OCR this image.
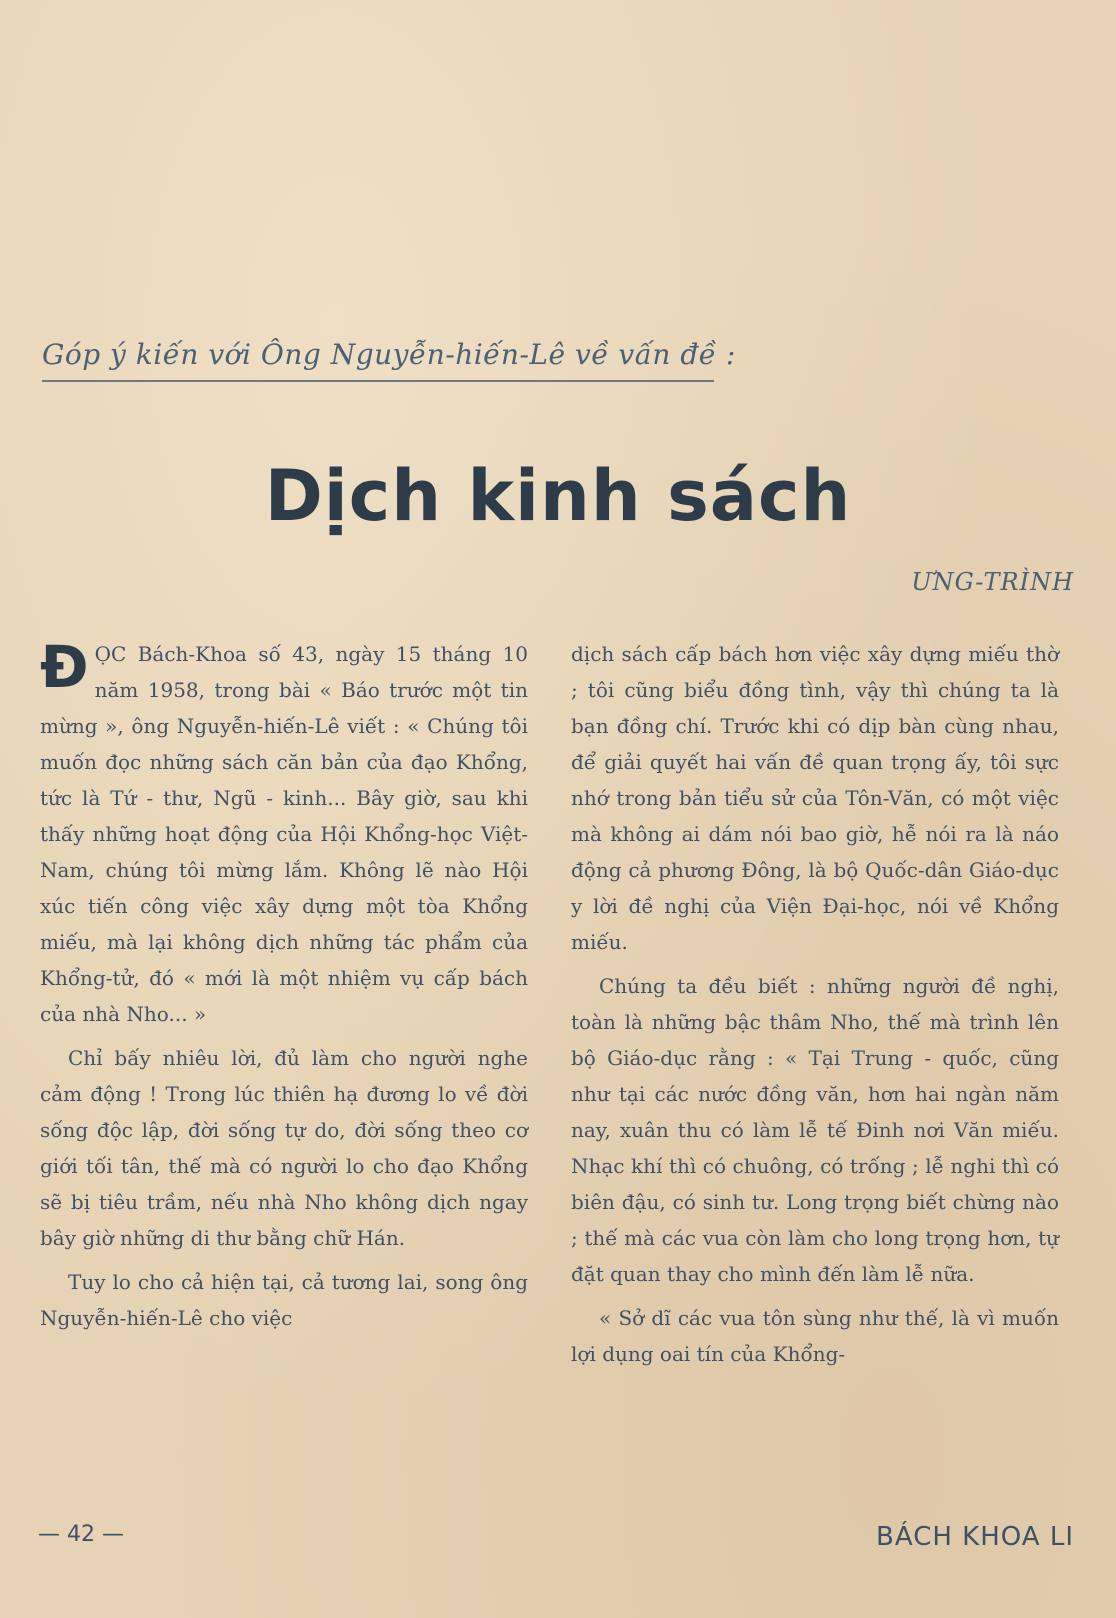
Góp ý kiến với Ông Nguyễn-hiến-Lê về vấn đề :
Dịch kinh sách
ƯNG-TRÌNH

ĐỌC Bách-Khoa số 43, ngày 15 tháng 10 năm 1958, trong bài « Báo trước một tin mừng », ông Nguyễn-hiến-Lê viết : « Chúng tôi muốn đọc những sách căn bản của đạo Khổng, tức là Tứ - thư, Ngũ - kinh... Bây giờ, sau khi thấy những hoạt động của Hội Khổng-học Việt-Nam, chúng tôi mừng lắm. Không lẽ nào Hội xúc tiến công việc xây dựng một tòa Khổng miếu, mà lại không dịch những tác phẩm của Khổng-tử, đó « mới là một nhiệm vụ cấp bách của nhà Nho... »

Chỉ bấy nhiêu lời, đủ làm cho người nghe cảm động ! Trong lúc thiên hạ đương lo về đời sống độc lập, đời sống tự do, đời sống theo cơ giới tối tân, thế mà có người lo cho đạo Khổng sẽ bị tiêu trầm, nếu nhà Nho không dịch ngay bây giờ những di thư bằng chữ Hán.

Tuy lo cho cả hiện tại, cả tương lai, song ông Nguyễn-hiến-Lê cho việc

dịch sách cấp bách hơn việc xây dựng miếu thờ ; tôi cũng biểu đồng tình, vậy thì chúng ta là bạn đồng chí. Trước khi có dịp bàn cùng nhau, để giải quyết hai vấn đề quan trọng ấy, tôi sực nhớ trong bản tiểu sử của Tôn-Văn, có một việc mà không ai dám nói bao giờ, hễ nói ra là náo động cả phương Đông, là bộ Quốc-dân Giáo-dục y lời đề nghị của Viện Đại-học, nói về Khổng miếu.

Chúng ta đều biết : những người đề nghị, toàn là những bậc thâm Nho, thế mà trình lên bộ Giáo-dục rằng : « Tại Trung - quốc, cũng như tại các nước đồng văn, hơn hai ngàn năm nay, xuân thu có làm lễ tế Đinh nơi Văn miếu. Nhạc khí thì có chuông, có trống ; lễ nghi thì có biên đậu, có sinh tư. Long trọng biết chừng nào ; thế mà các vua còn làm cho long trọng hơn, tự đặt quan thay cho mình đến làm lễ nữa.

« Sở dĩ các vua tôn sùng như thế, là vì muốn lợi dụng oai tín của Khổng-

— 42 —	BÁCH KHOA LI
